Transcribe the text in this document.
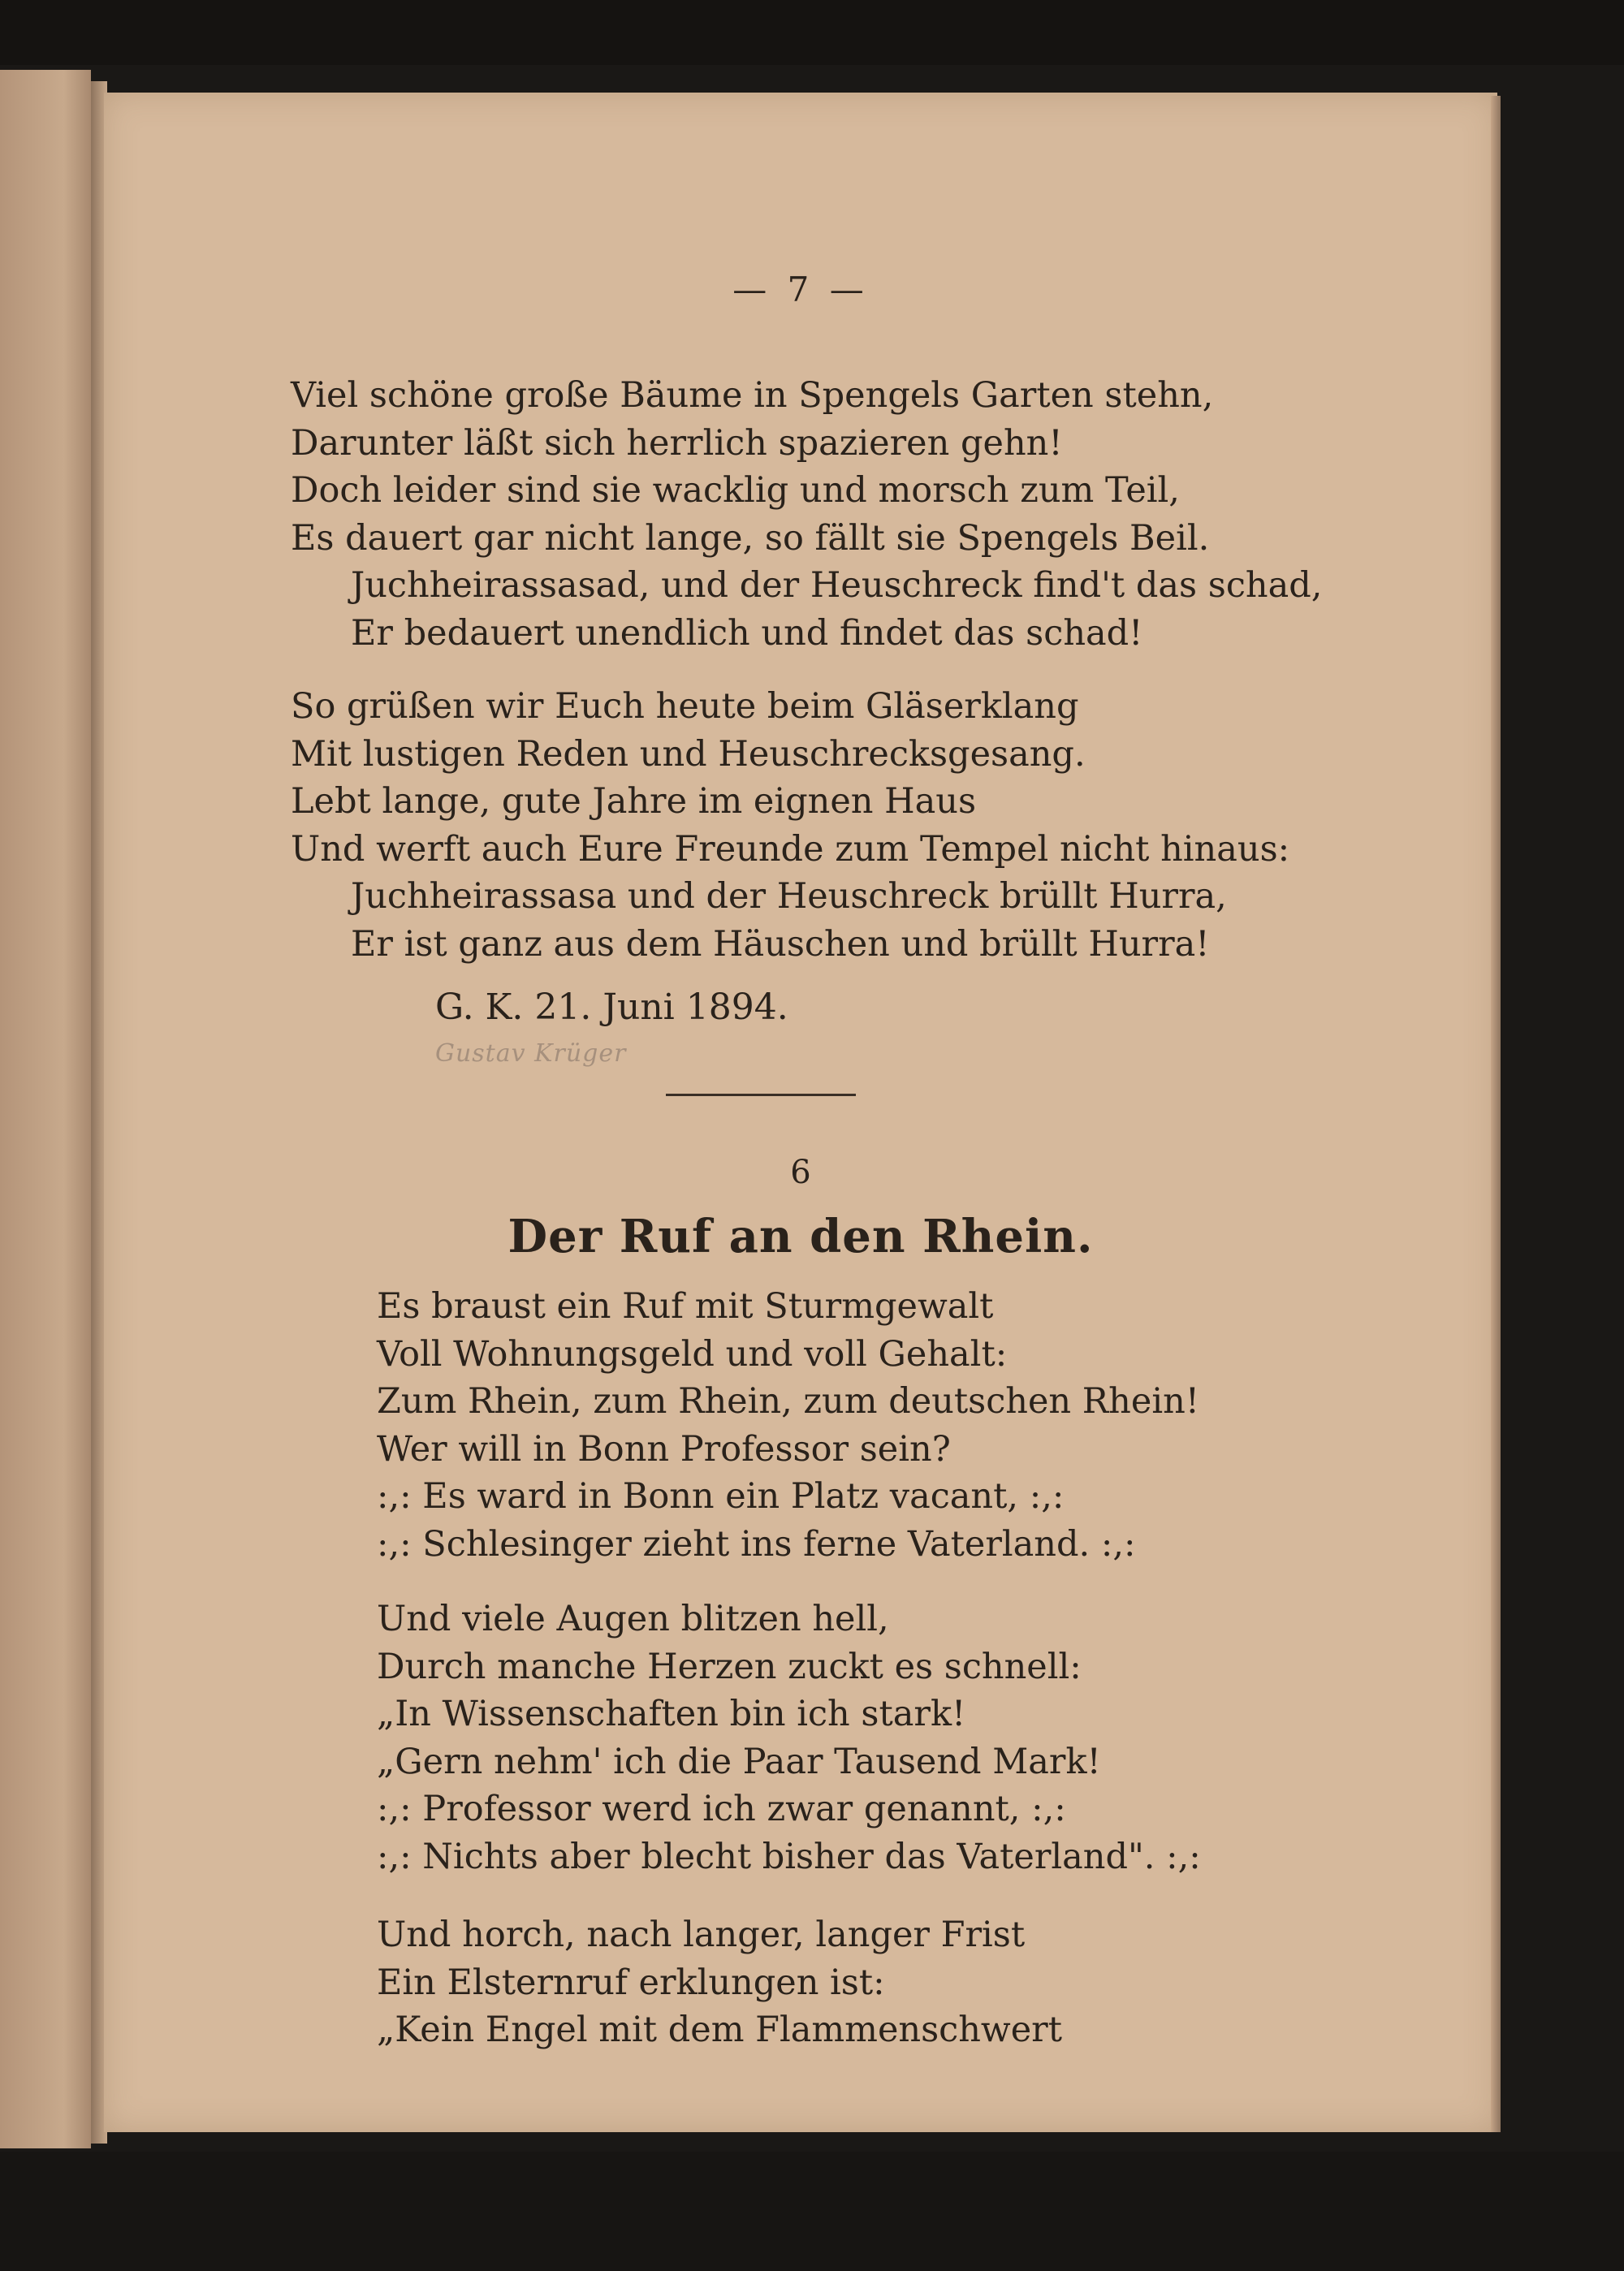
— 7 —
Viel schöne große Bäume in Spengels Garten stehn,
Darunter läßt sich herrlich spazieren gehn!
Doch leider sind sie wacklig und morsch zum Teil,
Es dauert gar nicht lange, so fällt sie Spengels Beil.
Juchheirassasad, und der Heuschreck find't das schad,
Er bedauert unendlich und findet das schad!
So grüßen wir Euch heute beim Gläserklang
Mit lustigen Reden und Heuschrecksgesang.
Lebt lange, gute Jahre im eignen Haus
Und werft auch Eure Freunde zum Tempel nicht hinaus:
Juchheirassasa und der Heuschreck brüllt Hurra,
Er ist ganz aus dem Häuschen und brüllt Hurra!
G. K. 21. Juni 1894.
Gustav Krüger
6
Der Ruf an den Rhein.
Es braust ein Ruf mit Sturmgewalt
Voll Wohnungsgeld und voll Gehalt:
Zum Rhein, zum Rhein, zum deutschen Rhein!
Wer will in Bonn Professor sein?
:,: Es ward in Bonn ein Platz vacant, :,:
:,: Schlesinger zieht ins ferne Vaterland. :,:
Und viele Augen blitzen hell,
Durch manche Herzen zuckt es schnell:
„In Wissenschaften bin ich stark!
„Gern nehm' ich die Paar Tausend Mark!
:,: Professor werd ich zwar genannt, :,:
:,: Nichts aber blecht bisher das Vaterland". :,:
Und horch, nach langer, langer Frist
Ein Elsternruf erklungen ist:
„Kein Engel mit dem Flammenschwert
